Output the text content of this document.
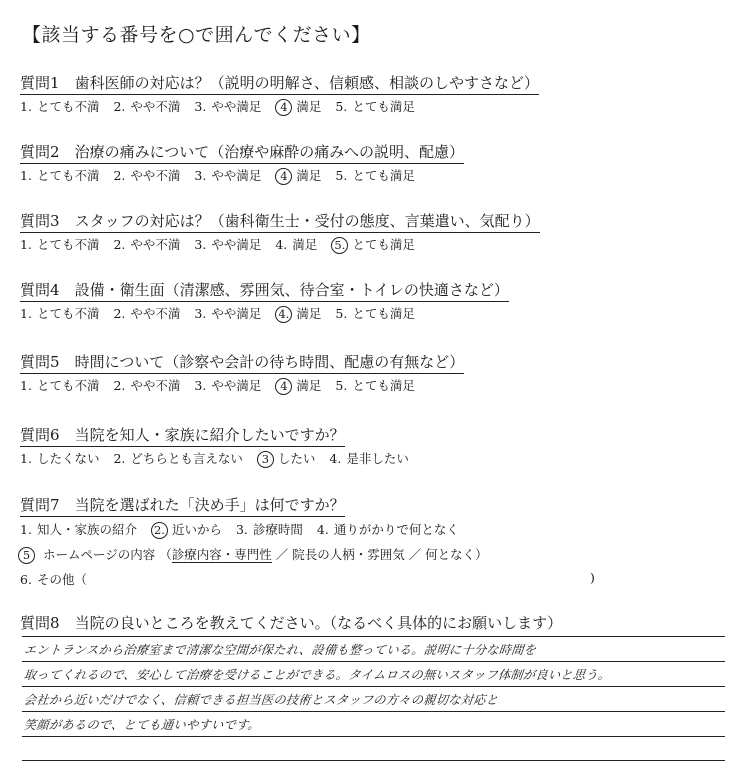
【該当する番号を○で囲んでください】
質問1　 歯科医師の対応は？（説明の明解さ、信頼感、相談のしやすさなど）
1. とても不満 2. やや不満 3. やや満足 4 満足 5. とても満足
質問2　 治療の痛みについて（治療や麻酔の痛みへの説明、配慮）
1. とても不満 2. やや不満 3. やや満足 4 満足 5. とても満足
質問3　 スタッフの対応は？（歯科衛生士・受付の態度、言葉遣い、気配り）
1. とても不満 2. やや不満 3. やや満足 4. 満足 5. とても満足
質問4　 設備・衛生面（清潔感、雰囲気、待合室・トイレの快適さなど）
1. とても不満 2. やや不満 3. やや満足 4. 満足 5. とても満足
質問5　 時間について（診察や会計の待ち時間、配慮の有無など）
1. とても不満 2. やや不満 3. やや満足 4 満足 5. とても満足
質問6　 当院を知人・家族に紹介したいですか？
1. したくない 2. どちらとも言えない 3 したい 4. 是非したい
質問7　 当院を選ばれた「決め手」は何ですか？
1. 知人・家族の紹介 2. 近いから 3. 診療時間 4. 通りがかりで何となく
5 ホームページの内容 （診療内容・専門性 ／ 院長の人柄・雰囲気 ／ 何となく）
6. その他（	)
質問8　 当院の良いところを教えてください。（なるべく具体的にお願いします）
エントランスから治療室まで清潔な空間が保たれ、設備も整っている。説明に十分な時間を
取ってくれるので、安心して治療を受けることができる。タイムロスの無いスタッフ体制が良いと思う。
会社から近いだけでなく、信頼できる担当医の技術とスタッフの方々の親切な対応と
笑顔があるので、とても通いやすいです。
